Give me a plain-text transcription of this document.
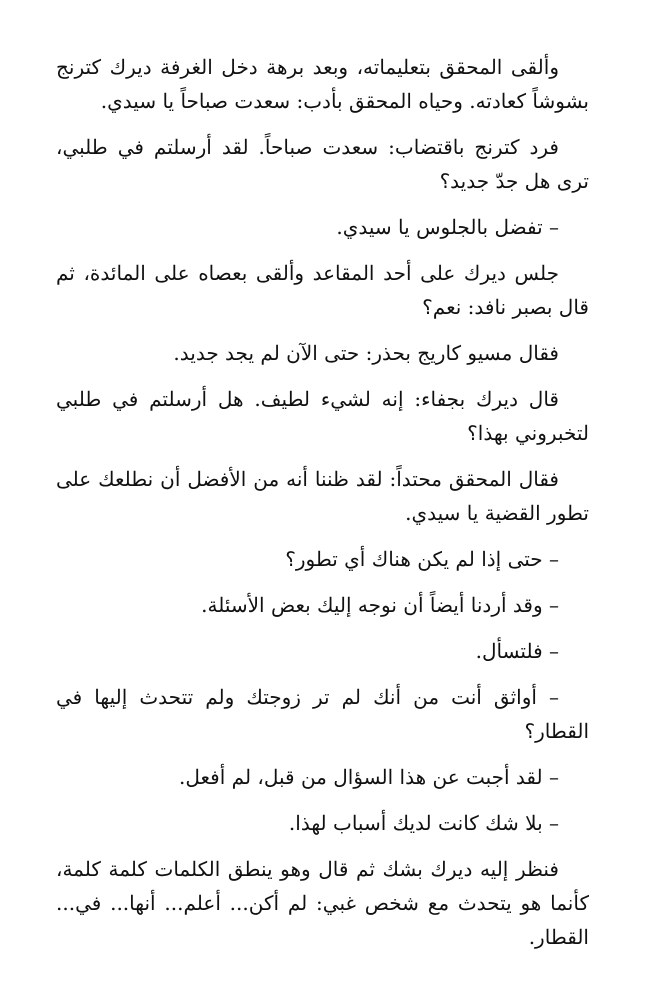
وألقى المحقق بتعليماته، وبعد برهة دخل الغرفة ديرك كترنج بشوشاً كعادته. وحياه المحقق بأدب: سعدت صباحاً يا سيدي.

فرد كترنج باقتضاب: سعدت صباحاً. لقد أرسلتم في طلبي، ترى هل جدّ جديد؟

– تفضل بالجلوس يا سيدي.

جلس ديرك على أحد المقاعد وألقى بعصاه على المائدة، ثم قال بصبر نافد: نعم؟

فقال مسيو كاريج بحذر: حتى الآن لم يجد جديد.

قال ديرك بجفاء: إنه لشيء لطيف. هل أرسلتم في طلبي لتخبروني بهذا؟

فقال المحقق محتداً: لقد ظننا أنه من الأفضل أن نطلعك على تطور القضية يا سيدي.

– حتى إذا لم يكن هناك أي تطور؟

– وقد أردنا أيضاً أن نوجه إليك بعض الأسئلة.

– فلتسأل.

– أواثق أنت من أنك لم تر زوجتك ولم تتحدث إليها في القطار؟

– لقد أجبت عن هذا السؤال من قبل، لم أفعل.

– بلا شك كانت لديك أسباب لهذا.

فنظر إليه ديرك بشك ثم قال وهو ينطق الكلمات كلمة كلمة، كأنما هو يتحدث مع شخص غبي: لم أكن... أعلم... أنها... في... القطار.
